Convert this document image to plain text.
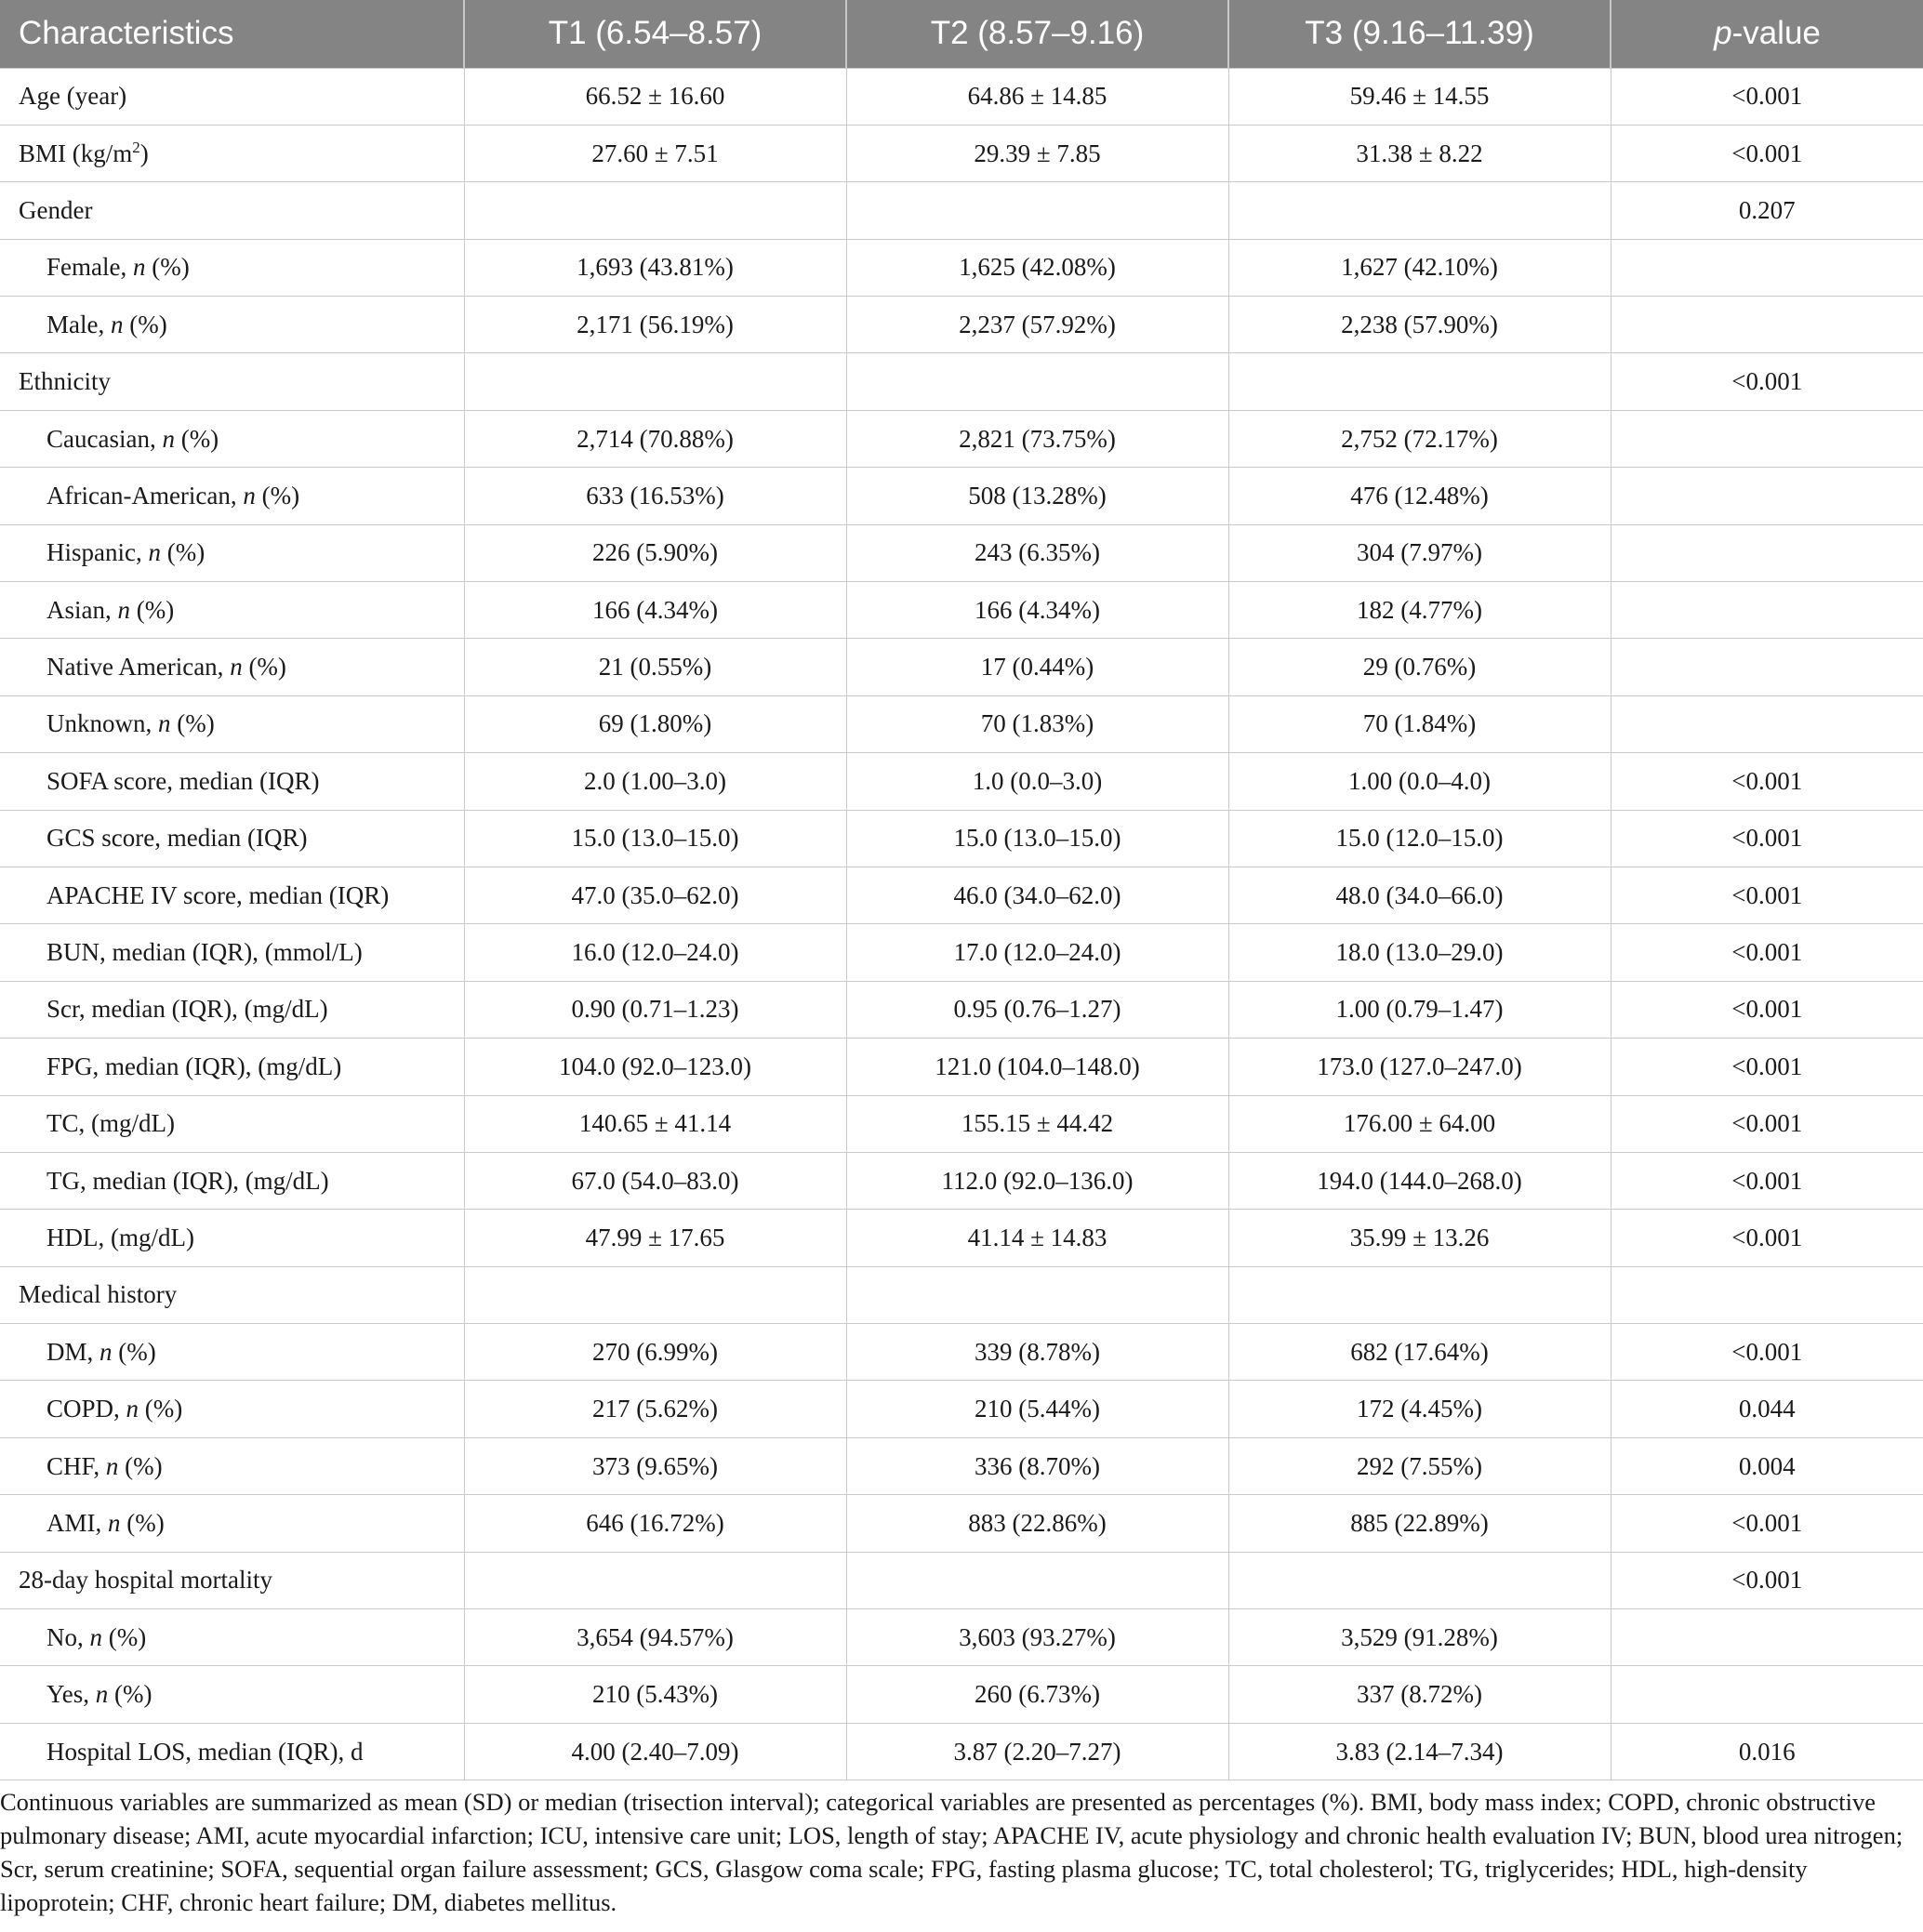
Characteristics	T1 (6.54–8.57)	T2 (8.57–9.16)	T3 (9.16–11.39)	p-value
Age (year)	66.52 ± 16.60	64.86 ± 14.85	59.46 ± 14.55	<0.001
BMI $(kg/m^2)$	27.60 ± 7.51	29.39 ± 7.85	31.38 ± 8.22	<0.001
Gender				0.207
Female, n (%)	1,693 (43.81%)	1,625 (42.08%)	1,627 (42.10%)	
Male, n (%)	2,171 (56.19%)	2,237 (57.92%)	2,238 (57.90%)	
Ethnicity				<0.001
Caucasian, n (%)	2,714 (70.88%)	2,821 (73.75%)	2,752 (72.17%)	
African-American, n (%)	633 (16.53%)	508 (13.28%)	476 (12.48%)	
Hispanic, n (%)	226 (5.90%)	243 (6.35%)	304 (7.97%)	
Asian, n (%)	166 (4.34%)	166 (4.34%)	182 (4.77%)	
Native American, n (%)	21 (0.55%)	17 (0.44%)	29 (0.76%)	
Unknown, n (%)	69 (1.80%)	70 (1.83%)	70 (1.84%)	
SOFA score, median (IQR)	2.0 (1.00–3.0)	1.0 (0.0–3.0)	1.00 (0.0–4.0)	<0.001
GCS score, median (IQR)	15.0 (13.0–15.0)	15.0 (13.0–15.0)	15.0 (12.0–15.0)	<0.001
APACHE IV score, median (IQR)	47.0 (35.0–62.0)	46.0 (34.0–62.0)	48.0 (34.0–66.0)	<0.001
BUN, median (IQR), (mmol/L)	16.0 (12.0–24.0)	17.0 (12.0–24.0)	18.0 (13.0–29.0)	<0.001
Scr, median (IQR), (mg/dL)	0.90 (0.71–1.23)	0.95 (0.76–1.27)	1.00 (0.79–1.47)	<0.001
FPG, median (IQR), (mg/dL)	104.0 (92.0–123.0)	121.0 (104.0–148.0)	173.0 (127.0–247.0)	<0.001
TC, (mg/dL)	140.65 ± 41.14	155.15 ± 44.42	176.00 ± 64.00	<0.001
TG, median (IQR), (mg/dL)	67.0 (54.0–83.0)	112.0 (92.0–136.0)	194.0 (144.0–268.0)	<0.001
HDL, (mg/dL)	47.99 ± 17.65	41.14 ± 14.83	35.99 ± 13.26	<0.001
Medical history				
DM, n (%)	270 (6.99%)	339 (8.78%)	682 (17.64%)	<0.001
COPD, n (%)	217 (5.62%)	210 (5.44%)	172 (4.45%)	0.044
CHF, n (%)	373 (9.65%)	336 (8.70%)	292 (7.55%)	0.004
AMI, n (%)	646 (16.72%)	883 (22.86%)	885 (22.89%)	<0.001
28-day hospital mortality				<0.001
No, n (%)	3,654 (94.57%)	3,603 (93.27%)	3,529 (91.28%)	
Yes, n (%)	210 (5.43%)	260 (6.73%)	337 (8.72%)	
Hospital LOS, median (IQR), d	4.00 (2.40–7.09)	3.87 (2.20–7.27)	3.83 (2.14–7.34)	0.016
Continuous variables are summarized as mean (SD) or median (trisection interval); categorical variables are presented as percentages (%). BMI, body mass index; COPD, chronic obstructive pulmonary disease; AMI, acute myocardial infarction; ICU, intensive care unit; LOS, length of stay; APACHE IV, acute physiology and chronic health evaluation IV; BUN, blood urea nitrogen; Scr, serum creatinine; SOFA, sequential organ failure assessment; GCS, Glasgow coma scale; FPG, fasting plasma glucose; TC, total cholesterol; TG, triglycerides; HDL, high-density lipoprotein; CHF, chronic heart failure; DM, diabetes mellitus.
